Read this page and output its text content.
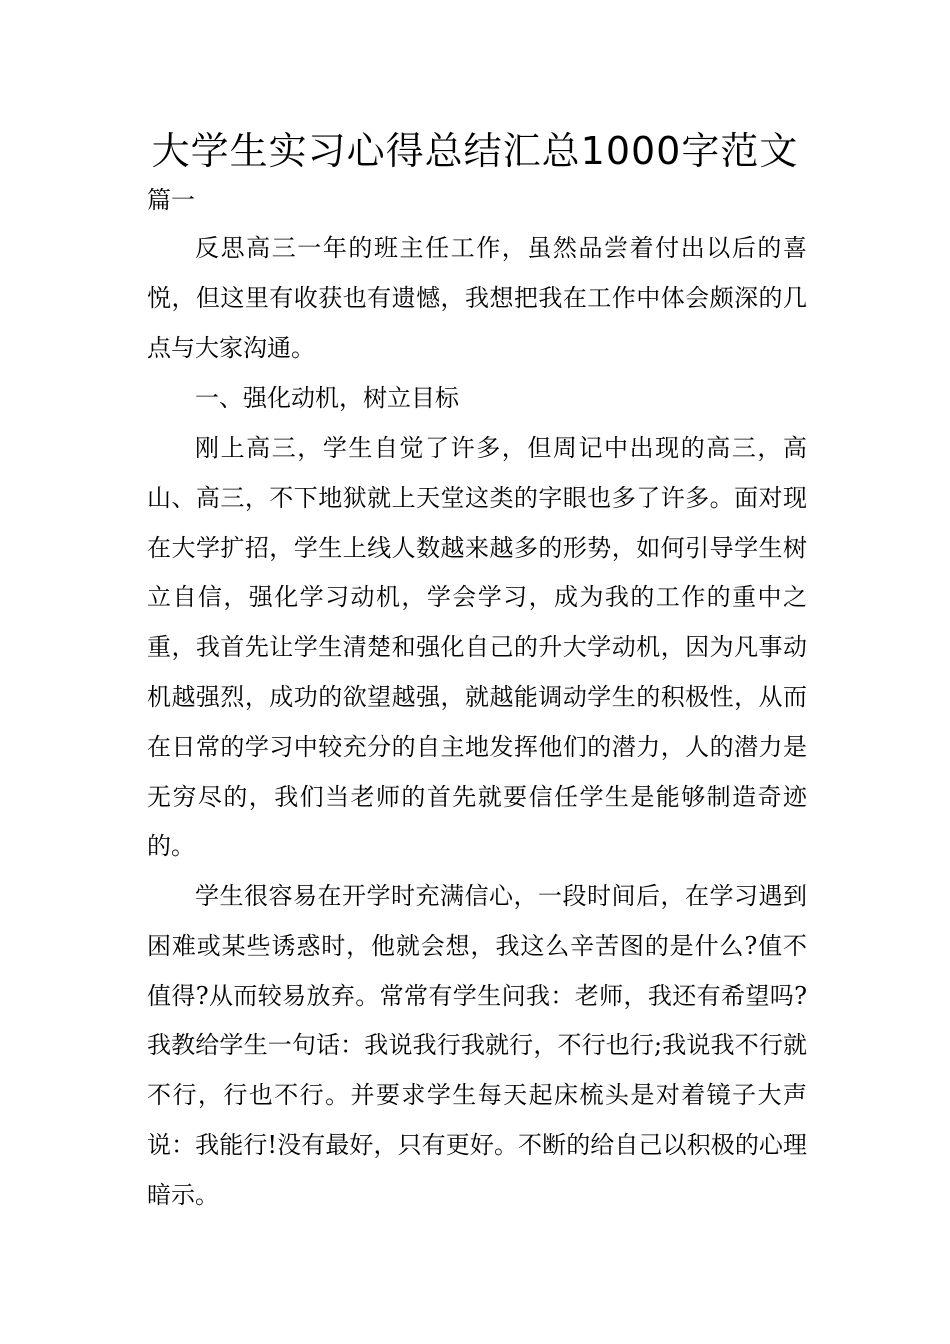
大学生实习心得总结汇总1000字范文
篇一

反思高三一年的班主任工作，虽然品尝着付出以后的喜悦，但这里有收获也有遗憾，我想把我在工作中体会颇深的几点与大家沟通。

一、强化动机，树立目标

刚上高三，学生自觉了许多，但周记中出现的高三，高山、高三，不下地狱就上天堂这类的字眼也多了许多。面对现在大学扩招，学生上线人数越来越多的形势，如何引导学生树立自信，强化学习动机，学会学习，成为我的工作的重中之重，我首先让学生清楚和强化自己的升大学动机，因为凡事动机越强烈，成功的欲望越强，就越能调动学生的积极性，从而在日常的学习中较充分的自主地发挥他们的潜力，人的潜力是无穷尽的，我们当老师的首先就要信任学生是能够制造奇迹的。

学生很容易在开学时充满信心，一段时间后，在学习遇到困难或某些诱惑时，他就会想，我这么辛苦图的是什么?值不值得?从而较易放弃。常常有学生问我：老师，我还有希望吗?我教给学生一句话：我说我行我就行，不行也行;我说我不行就不行，行也不行。并要求学生每天起床梳头是对着镜子大声说：我能行!没有最好，只有更好。不断的给自己以积极的心理暗示。
